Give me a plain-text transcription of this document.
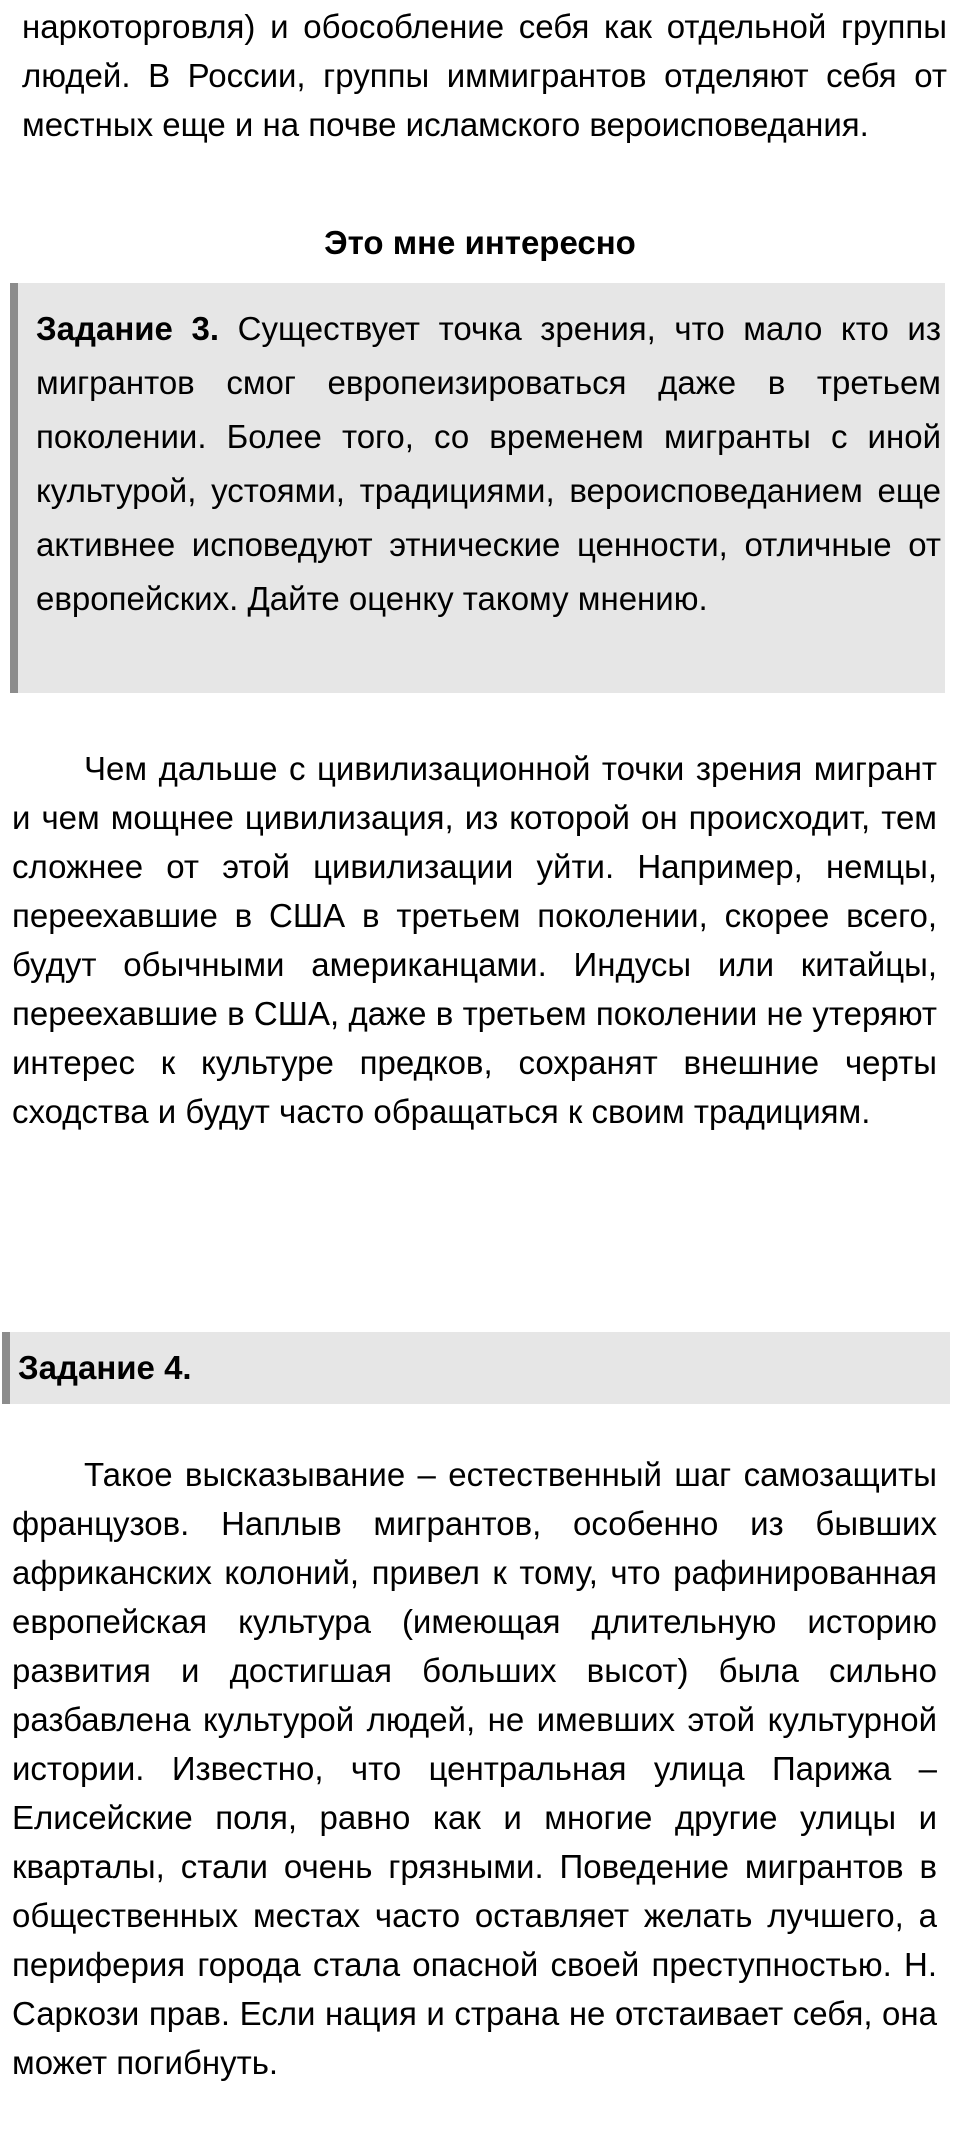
наркоторговля) и обособление себя как отдельной группы людей. В России, группы иммигрантов отделяют себя от местных еще и на почве исламского вероисповедания.

Это мне интересно

Задание 3. Существует точка зрения, что мало кто из мигрантов смог европеизироваться даже в третьем поколении. Более того, со временем мигранты с иной культурой, устоями, традициями, вероисповеданием еще активнее исповедуют этнические ценности, отличные от европейских. Дайте оценку такому мнению.

Чем дальше с цивилизационной точки зрения мигрант и чем мощнее цивилизация, из которой он происходит, тем сложнее от этой цивилизации уйти. Например, немцы, переехавшие в США в третьем поколении, скорее всего, будут обычными американцами. Индусы или китайцы, переехавшие в США, даже в третьем поколении не утеряют интерес к культуре предков, сохранят внешние черты сходства и будут часто обращаться к своим традициям.

Задание 4.

Такое высказывание – естественный шаг самозащиты французов. Наплыв мигрантов, особенно из бывших африканских колоний, привел к тому, что рафинированная европейская культура (имеющая длительную историю развития и достигшая больших высот) была сильно разбавлена культурой людей, не имевших этой культурной истории. Известно, что центральная улица Парижа – Елисейские поля, равно как и многие другие улицы и кварталы, стали очень грязными. Поведение мигрантов в общественных местах часто оставляет желать лучшего, а периферия города стала опасной своей преступностью. Н. Саркози прав. Если нация и страна не отстаивает себя, она может погибнуть.
